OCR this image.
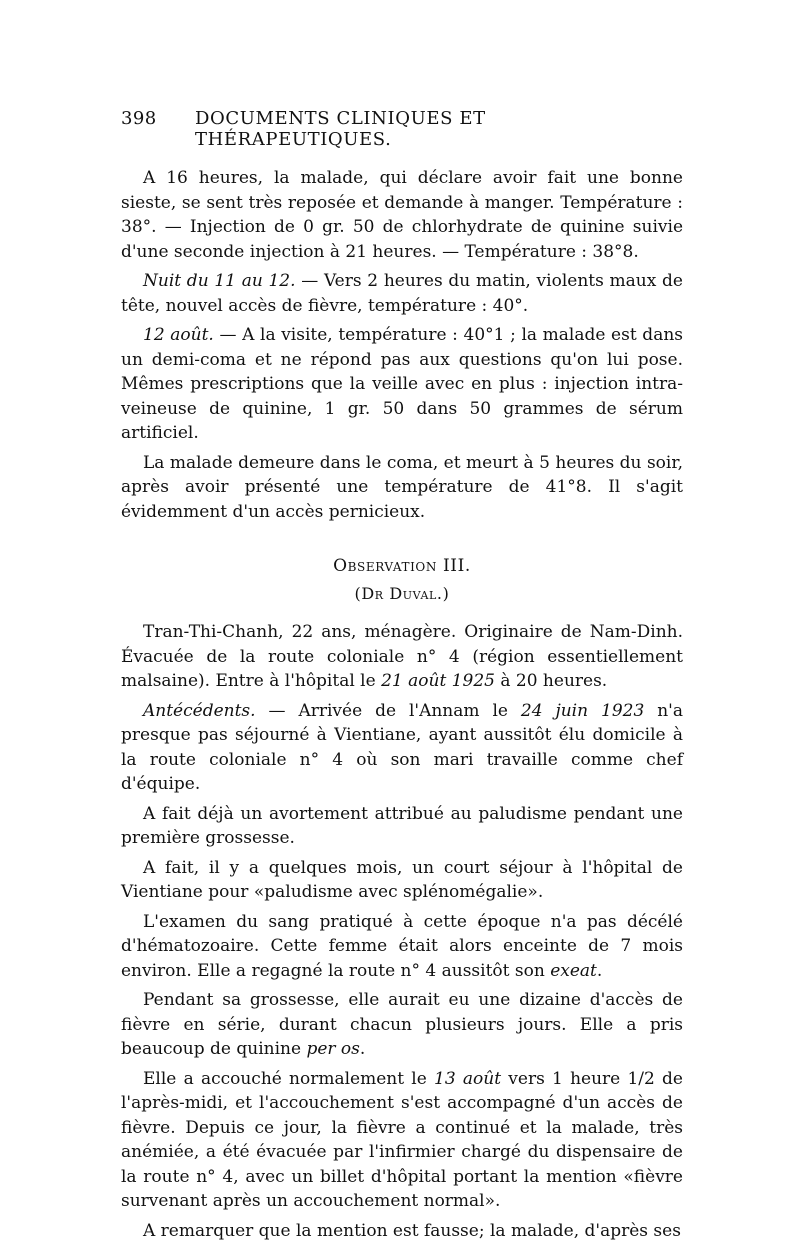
398	DOCUMENTS CLINIQUES ET THÉRAPEUTIQUES.

A 16 heures, la malade, qui déclare avoir fait une bonne sieste, se sent très reposée et demande à manger. Température : 38°. — Injection de 0 gr. 50 de chlorhydrate de quinine suivie d'une seconde injection à 21 heures. — Température : 38°8.

Nuit du 11 au 12. — Vers 2 heures du matin, violents maux de tête, nouvel accès de fièvre, température : 40°.

12 août. — A la visite, température : 40°1 ; la malade est dans un demi-coma et ne répond pas aux questions qu'on lui pose. Mêmes prescriptions que la veille avec en plus : injection intra-veineuse de quinine, 1 gr. 50 dans 50 grammes de sérum artificiel.

La malade demeure dans le coma, et meurt à 5 heures du soir, après avoir présenté une température de 41°8. Il s'agit évidemment d'un accès pernicieux.

Observation III.
(Dr Duval.)

Tran-Thi-Chanh, 22 ans, ménagère. Originaire de Nam-Dinh. Évacuée de la route coloniale n° 4 (région essentiellement malsaine). Entre à l'hôpital le 21 août 1925 à 20 heures.

Antécédents. — Arrivée de l'Annam le 24 juin 1923 n'a presque pas séjourné à Vientiane, ayant aussitôt élu domicile à la route coloniale n° 4 où son mari travaille comme chef d'équipe.

A fait déjà un avortement attribué au paludisme pendant une première grossesse.

A fait, il y a quelques mois, un court séjour à l'hôpital de Vientiane pour «paludisme avec splénomégalie».

L'examen du sang pratiqué à cette époque n'a pas décélé d'hématozoaire. Cette femme était alors enceinte de 7 mois environ. Elle a regagné la route n° 4 aussitôt son exeat.

Pendant sa grossesse, elle aurait eu une dizaine d'accès de fièvre en série, durant chacun plusieurs jours. Elle a pris beaucoup de quinine per os.

Elle a accouché normalement le 13 août vers 1 heure 1/2 de l'après-midi, et l'accouchement s'est accompagné d'un accès de fièvre. Depuis ce jour, la fièvre a continué et la malade, très anémiée, a été évacuée par l'infirmier chargé du dispensaire de la route n° 4, avec un billet d'hôpital portant la mention «fièvre survenant après un accouchement normal».

A remarquer que la mention est fausse; la malade, d'après ses
